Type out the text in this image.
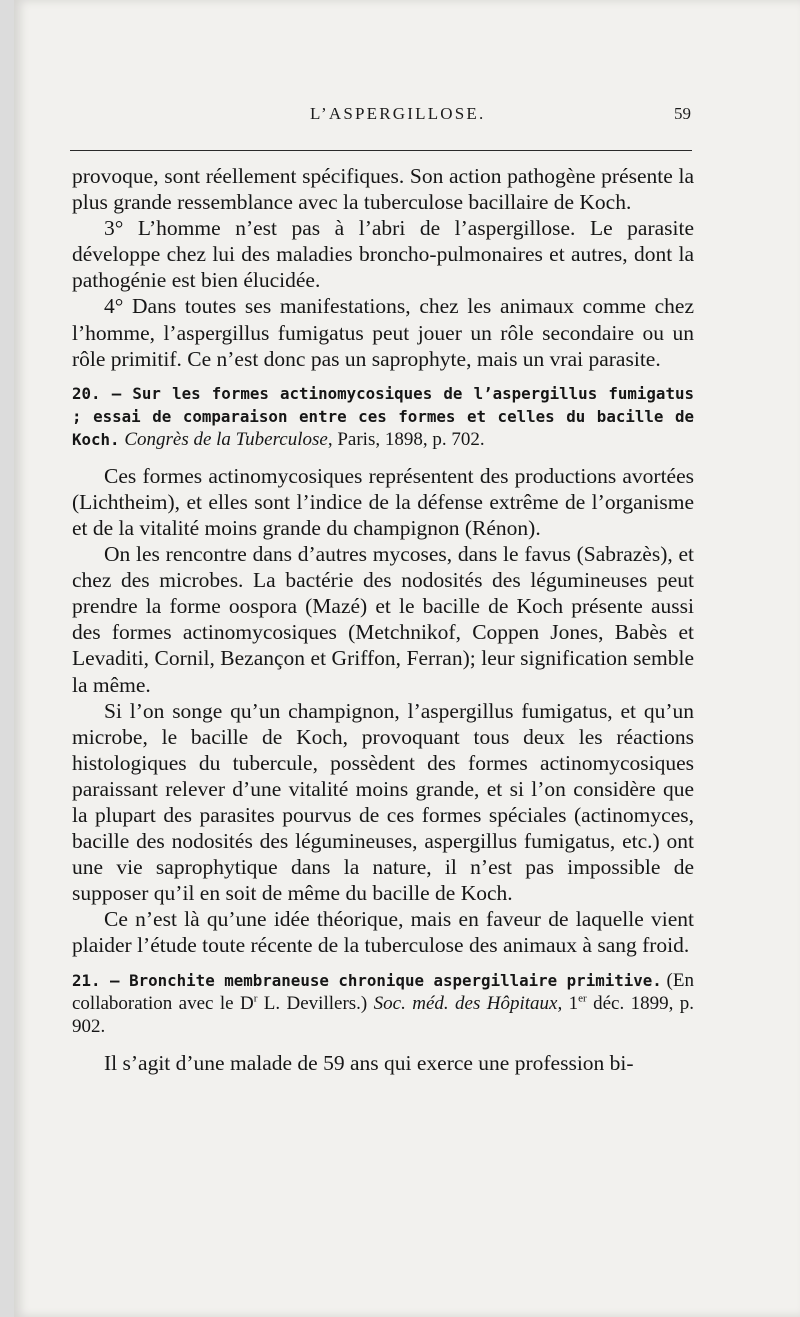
L’ASPERGILLOSE.	59

provoque, sont réellement spécifiques. Son action pathogène présente la plus grande ressemblance avec la tuberculose bacillaire de Koch.

3° L’homme n’est pas à l’abri de l’aspergillose. Le parasite développe chez lui des maladies broncho-pulmonaires et autres, dont la pathogénie est bien élucidée.

4° Dans toutes ses manifestations, chez les animaux comme chez l’homme, l’aspergillus fumigatus peut jouer un rôle secondaire ou un rôle primitif. Ce n’est donc pas un saprophyte, mais un vrai parasite.

20. — Sur les formes actinomycosiques de l’aspergillus fumigatus ; essai de comparaison entre ces formes et celles du bacille de Koch. Congrès de la Tuberculose, Paris, 1898, p. 702.

Ces formes actinomycosiques représentent des productions avortées (Lichtheim), et elles sont l’indice de la défense extrême de l’organisme et de la vitalité moins grande du champignon (Rénon).

On les rencontre dans d’autres mycoses, dans le favus (Sabrazès), et chez des microbes. La bactérie des nodosités des légumineuses peut prendre la forme oospora (Mazé) et le bacille de Koch présente aussi des formes actinomycosiques (Metchnikof, Coppen Jones, Babès et Levaditi, Cornil, Bezançon et Griffon, Ferran); leur signification semble la même.

Si l’on songe qu’un champignon, l’aspergillus fumigatus, et qu’un microbe, le bacille de Koch, provoquant tous deux les réactions histologiques du tubercule, possèdent des formes actinomycosiques paraissant relever d’une vitalité moins grande, et si l’on considère que la plupart des parasites pourvus de ces formes spéciales (actinomyces, bacille des nodosités des légumineuses, aspergillus fumigatus, etc.) ont une vie saprophytique dans la nature, il n’est pas impossible de supposer qu’il en soit de même du bacille de Koch.

Ce n’est là qu’une idée théorique, mais en faveur de laquelle vient plaider l’étude toute récente de la tuberculose des animaux à sang froid.

21. — Bronchite membraneuse chronique aspergillaire primitive. (En collaboration avec le $D^r$ L. Devillers.) Soc. méd. des Hôpitaux, 1er déc. 1899, p. 902.

Il s’agit d’une malade de 59 ans qui exerce une profession bi-
